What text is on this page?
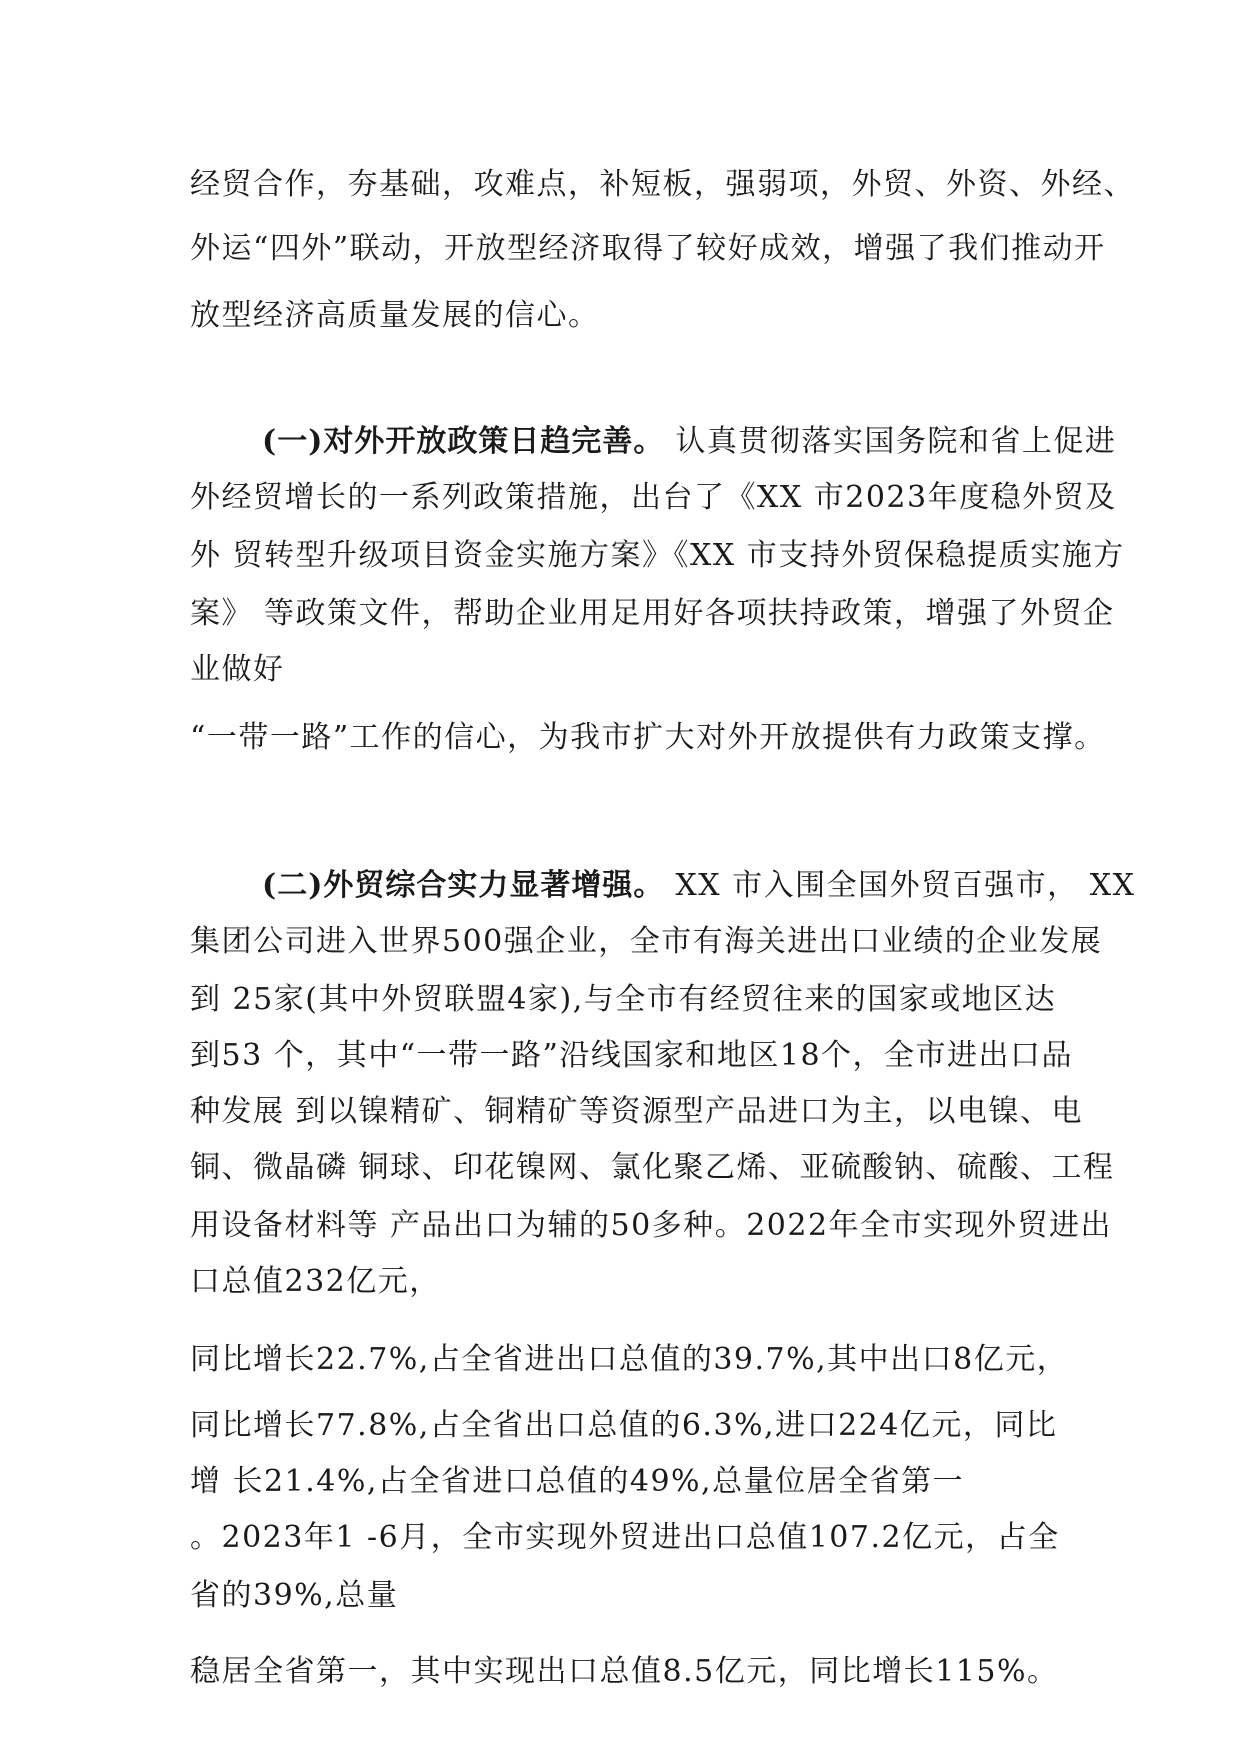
经贸合作，夯基础，攻难点，补短板，强弱项，外贸、外资、外经、
外运“四外”联动，开放型经济取得了较好成效，增强了我们推动开
放型经济高质量发展的信心。
(一)对外开放政策日趋完善。 认真贯彻落实国务院和省上促进
外经贸增长的一系列政策措施，出台了《XX 市2023年度稳外贸及
外 贸转型升级项目资金实施方案》《XX 市支持外贸保稳提质实施方
案》 等政策文件，帮助企业用足用好各项扶持政策，增强了外贸企
业做好
“一带一路”工作的信心，为我市扩大对外开放提供有力政策支撑。
(二)外贸综合实力显著增强。 XX 市入围全国外贸百强市， XX
集团公司进入世界500强企业，全市有海关进出口业绩的企业发展
到 25家(其中外贸联盟4家),与全市有经贸往来的国家或地区达
到53 个，其中“一带一路”沿线国家和地区18个，全市进出口品
种发展 到以镍精矿、铜精矿等资源型产品进口为主，以电镍、电
铜、微晶磷 铜球、印花镍网、氯化聚乙烯、亚硫酸钠、硫酸、工程
用设备材料等 产品出口为辅的50多种。2022年全市实现外贸进出
口总值232亿元，
同比增长22.7%,占全省进出口总值的39.7%,其中出口8亿元，
同比增长77.8%,占全省出口总值的6.3%,进口224亿元，同比
增 长21.4%,占全省进口总值的49%,总量位居全省第一
。2023年1 -6月，全市实现外贸进出口总值107.2亿元，占全
省的39%,总量
稳居全省第一，其中实现出口总值8.5亿元，同比增长115%。
